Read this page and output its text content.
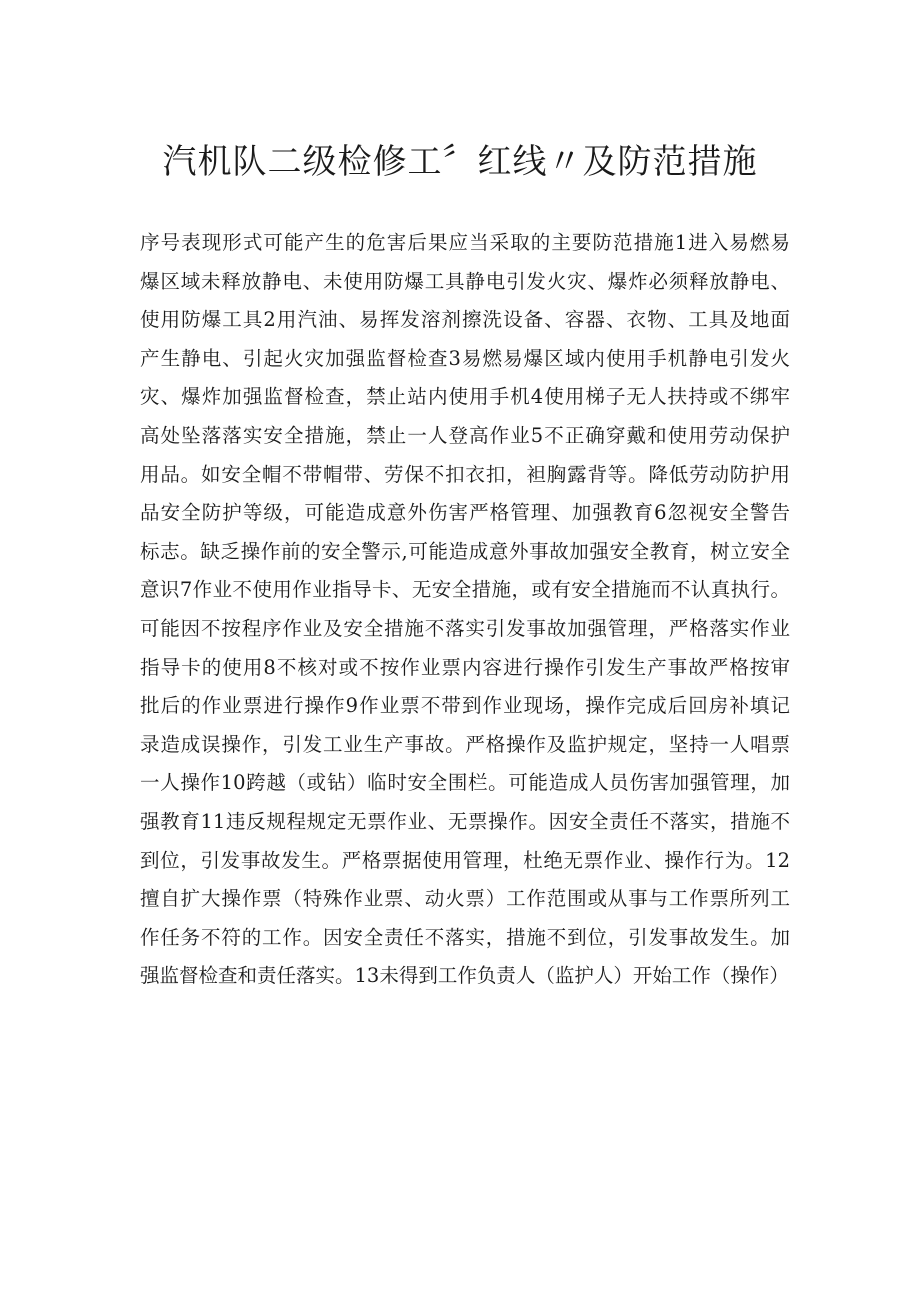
汽机队二级检修工〞红线〃及防范措施
序号表现形式可能产生的危害后果应当采取的主要防范措施1进入易燃易
爆区域未释放静电、未使用防爆工具静电引发火灾、爆炸必须释放静电、
使用防爆工具2用汽油、易挥发溶剂擦洗设备、容器、衣物、工具及地面
产生静电、引起火灾加强监督检查3易燃易爆区域内使用手机静电引发火
灾、爆炸加强监督检查，禁止站内使用手机4使用梯子无人扶持或不绑牢
高处坠落落实安全措施，禁止一人登高作业5不正确穿戴和使用劳动保护
用品。如安全帽不带帽带、劳保不扣衣扣，袒胸露背等。降低劳动防护用
品安全防护等级，可能造成意外伤害严格管理、加强教育6忽视安全警告
标志。缺乏操作前的安全警示,可能造成意外事故加强安全教育，树立安全
意识7作业不使用作业指导卡、无安全措施，或有安全措施而不认真执行。
可能因不按程序作业及安全措施不落实引发事故加强管理，严格落实作业
指导卡的使用8不核对或不按作业票内容进行操作引发生产事故严格按审
批后的作业票进行操作9作业票不带到作业现场，操作完成后回房补填记
录造成误操作，引发工业生产事故。严格操作及监护规定，坚持一人唱票
一人操作10跨越（或钻）临时安全围栏。可能造成人员伤害加强管理，加
强教育11违反规程规定无票作业、无票操作。因安全责任不落实，措施不
到位，引发事故发生。严格票据使用管理，杜绝无票作业、操作行为。12
擅自扩大操作票（特殊作业票、动火票）工作范围或从事与工作票所列工
作任务不符的工作。因安全责任不落实，措施不到位，引发事故发生。加
强监督检查和责任落实。13未得到工作负责人（监护人）开始工作（操作）
